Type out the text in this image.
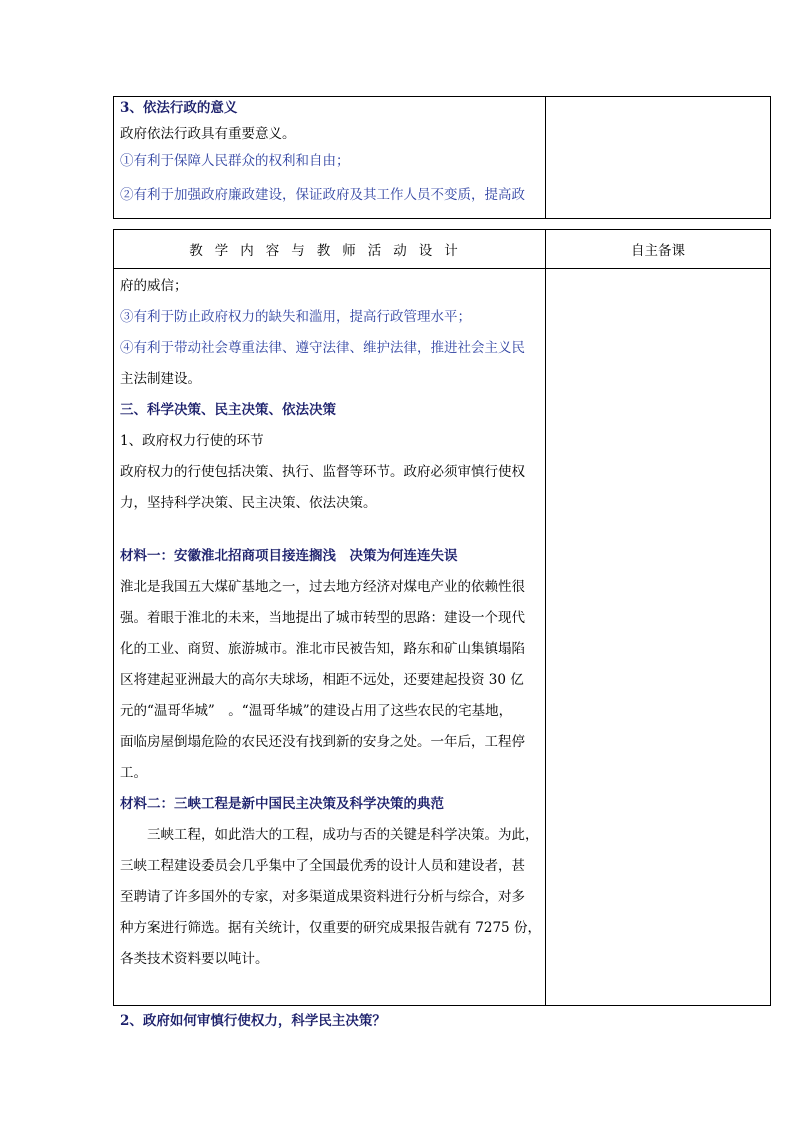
3、依法行政的意义
政府依法行政具有重要意义。
①有利于保障人民群众的权利和自由；
②有利于加强政府廉政建设，保证政府及其工作人员不变质，提高政
教学内容与教师活动设计	自主备课
府的威信；
③有利于防止政府权力的缺失和滥用，提高行政管理水平；
④有利于带动社会尊重法律、遵守法律、维护法律，推进社会主义民
主法制建设。
三、科学决策、民主决策、依法决策
1、政府权力行使的环节
政府权力的行使包括决策、执行、监督等环节。政府必须审慎行使权
力，坚持科学决策、民主决策、依法决策。
材料一：安徽淮北招商项目接连搁浅　决策为何连连失误
淮北是我国五大煤矿基地之一，过去地方经济对煤电产业的依赖性很
强。着眼于淮北的未来，当地提出了城市转型的思路：建设一个现代
化的工业、商贸、旅游城市。淮北市民被告知，路东和矿山集镇塌陷
区将建起亚洲最大的高尔夫球场，相距不远处，还要建起投资 30 亿
元的“温哥华城”　。“温哥华城”的建设占用了这些农民的宅基地，
面临房屋倒塌危险的农民还没有找到新的安身之处。一年后，工程停
工。
材料二：三峡工程是新中国民主决策及科学决策的典范
　　三峡工程，如此浩大的工程，成功与否的关键是科学决策。为此，
三峡工程建设委员会几乎集中了全国最优秀的设计人员和建设者，甚
至聘请了许多国外的专家，对多渠道成果资料进行分析与综合，对多
种方案进行筛选。据有关统计，仅重要的研究成果报告就有 7275 份，
各类技术资料要以吨计。
2、政府如何审慎行使权力，科学民主决策？
